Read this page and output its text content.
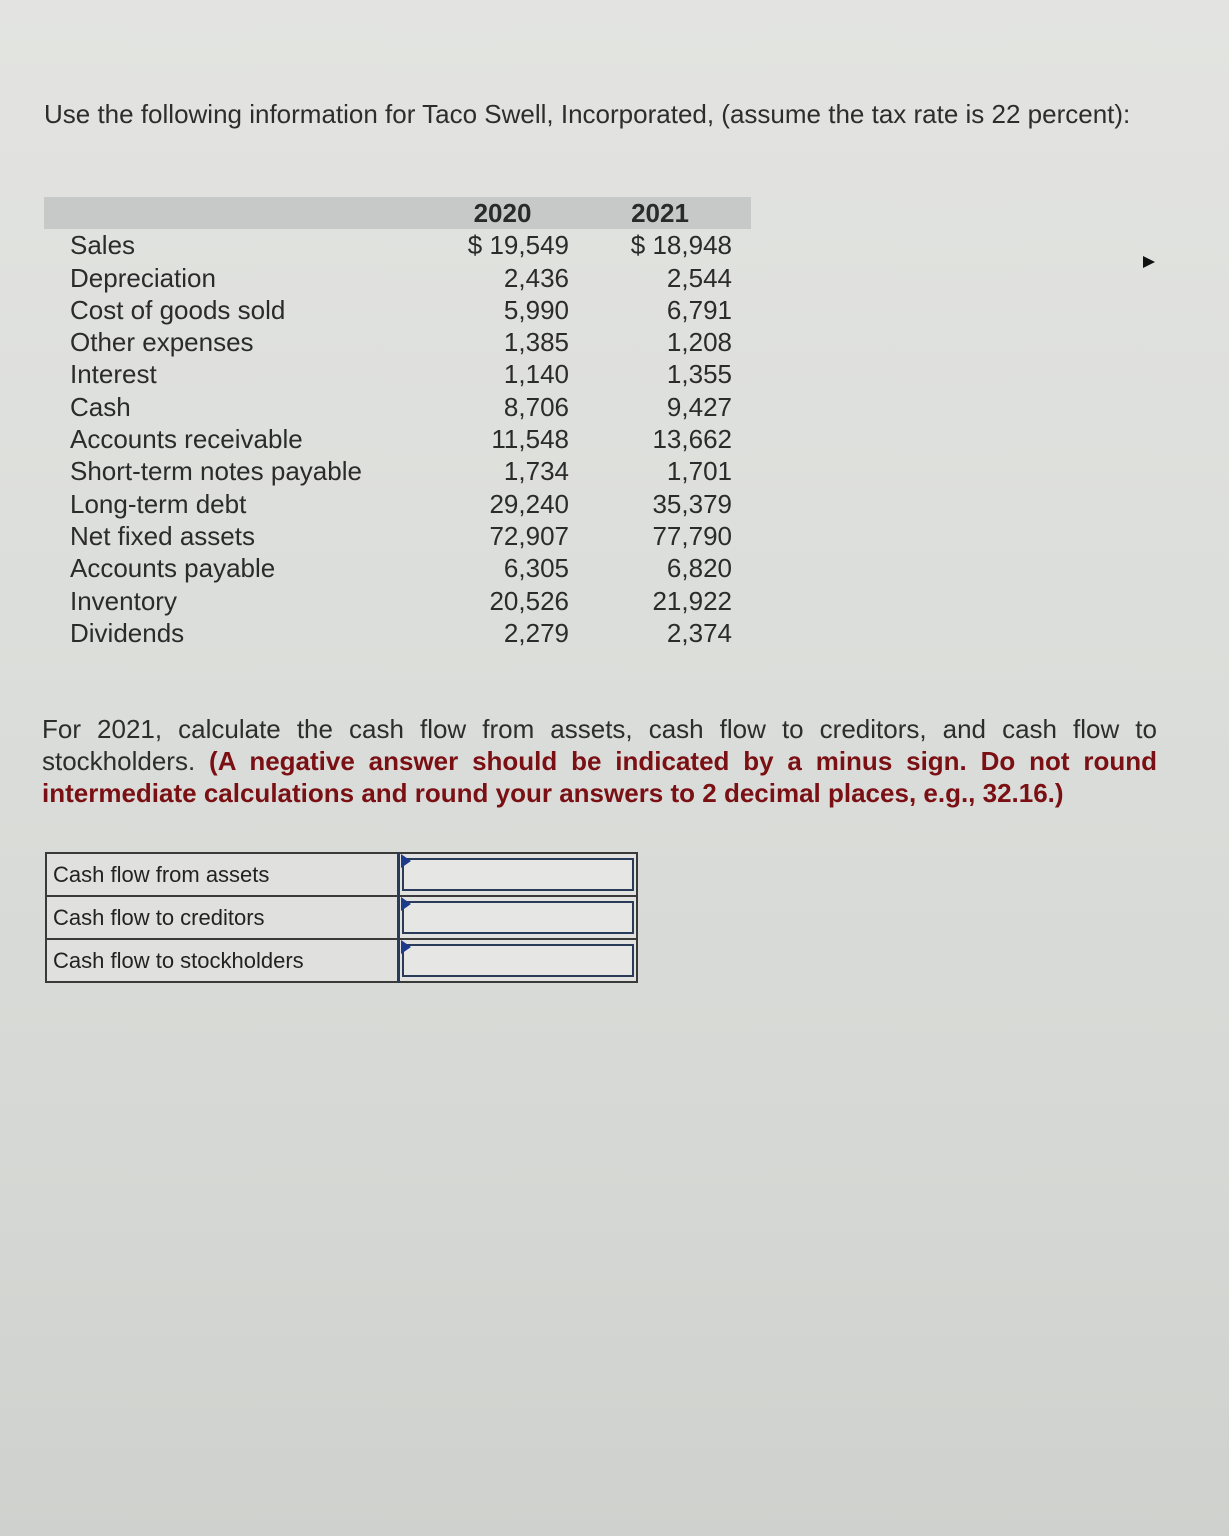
Use the following information for Taco Swell, Incorporated, (assume the tax rate is 22 percent):

	2020	2021
Sales	$ 19,549	$ 18,948
Depreciation	2,436	2,544
Cost of goods sold	5,990	6,791
Other expenses	1,385	1,208
Interest	1,140	1,355
Cash	8,706	9,427
Accounts receivable	11,548	13,662
Short-term notes payable	1,734	1,701
Long-term debt	29,240	35,379
Net fixed assets	72,907	77,790
Accounts payable	6,305	6,820
Inventory	20,526	21,922
Dividends	2,279	2,374

For 2021, calculate the cash flow from assets, cash flow to creditors, and cash flow to stockholders. (A negative answer should be indicated by a minus sign. Do not round intermediate calculations and round your answers to 2 decimal places, e.g., 32.16.)

Cash flow from assets	

Cash flow to creditors	

Cash flow to stockholders	
